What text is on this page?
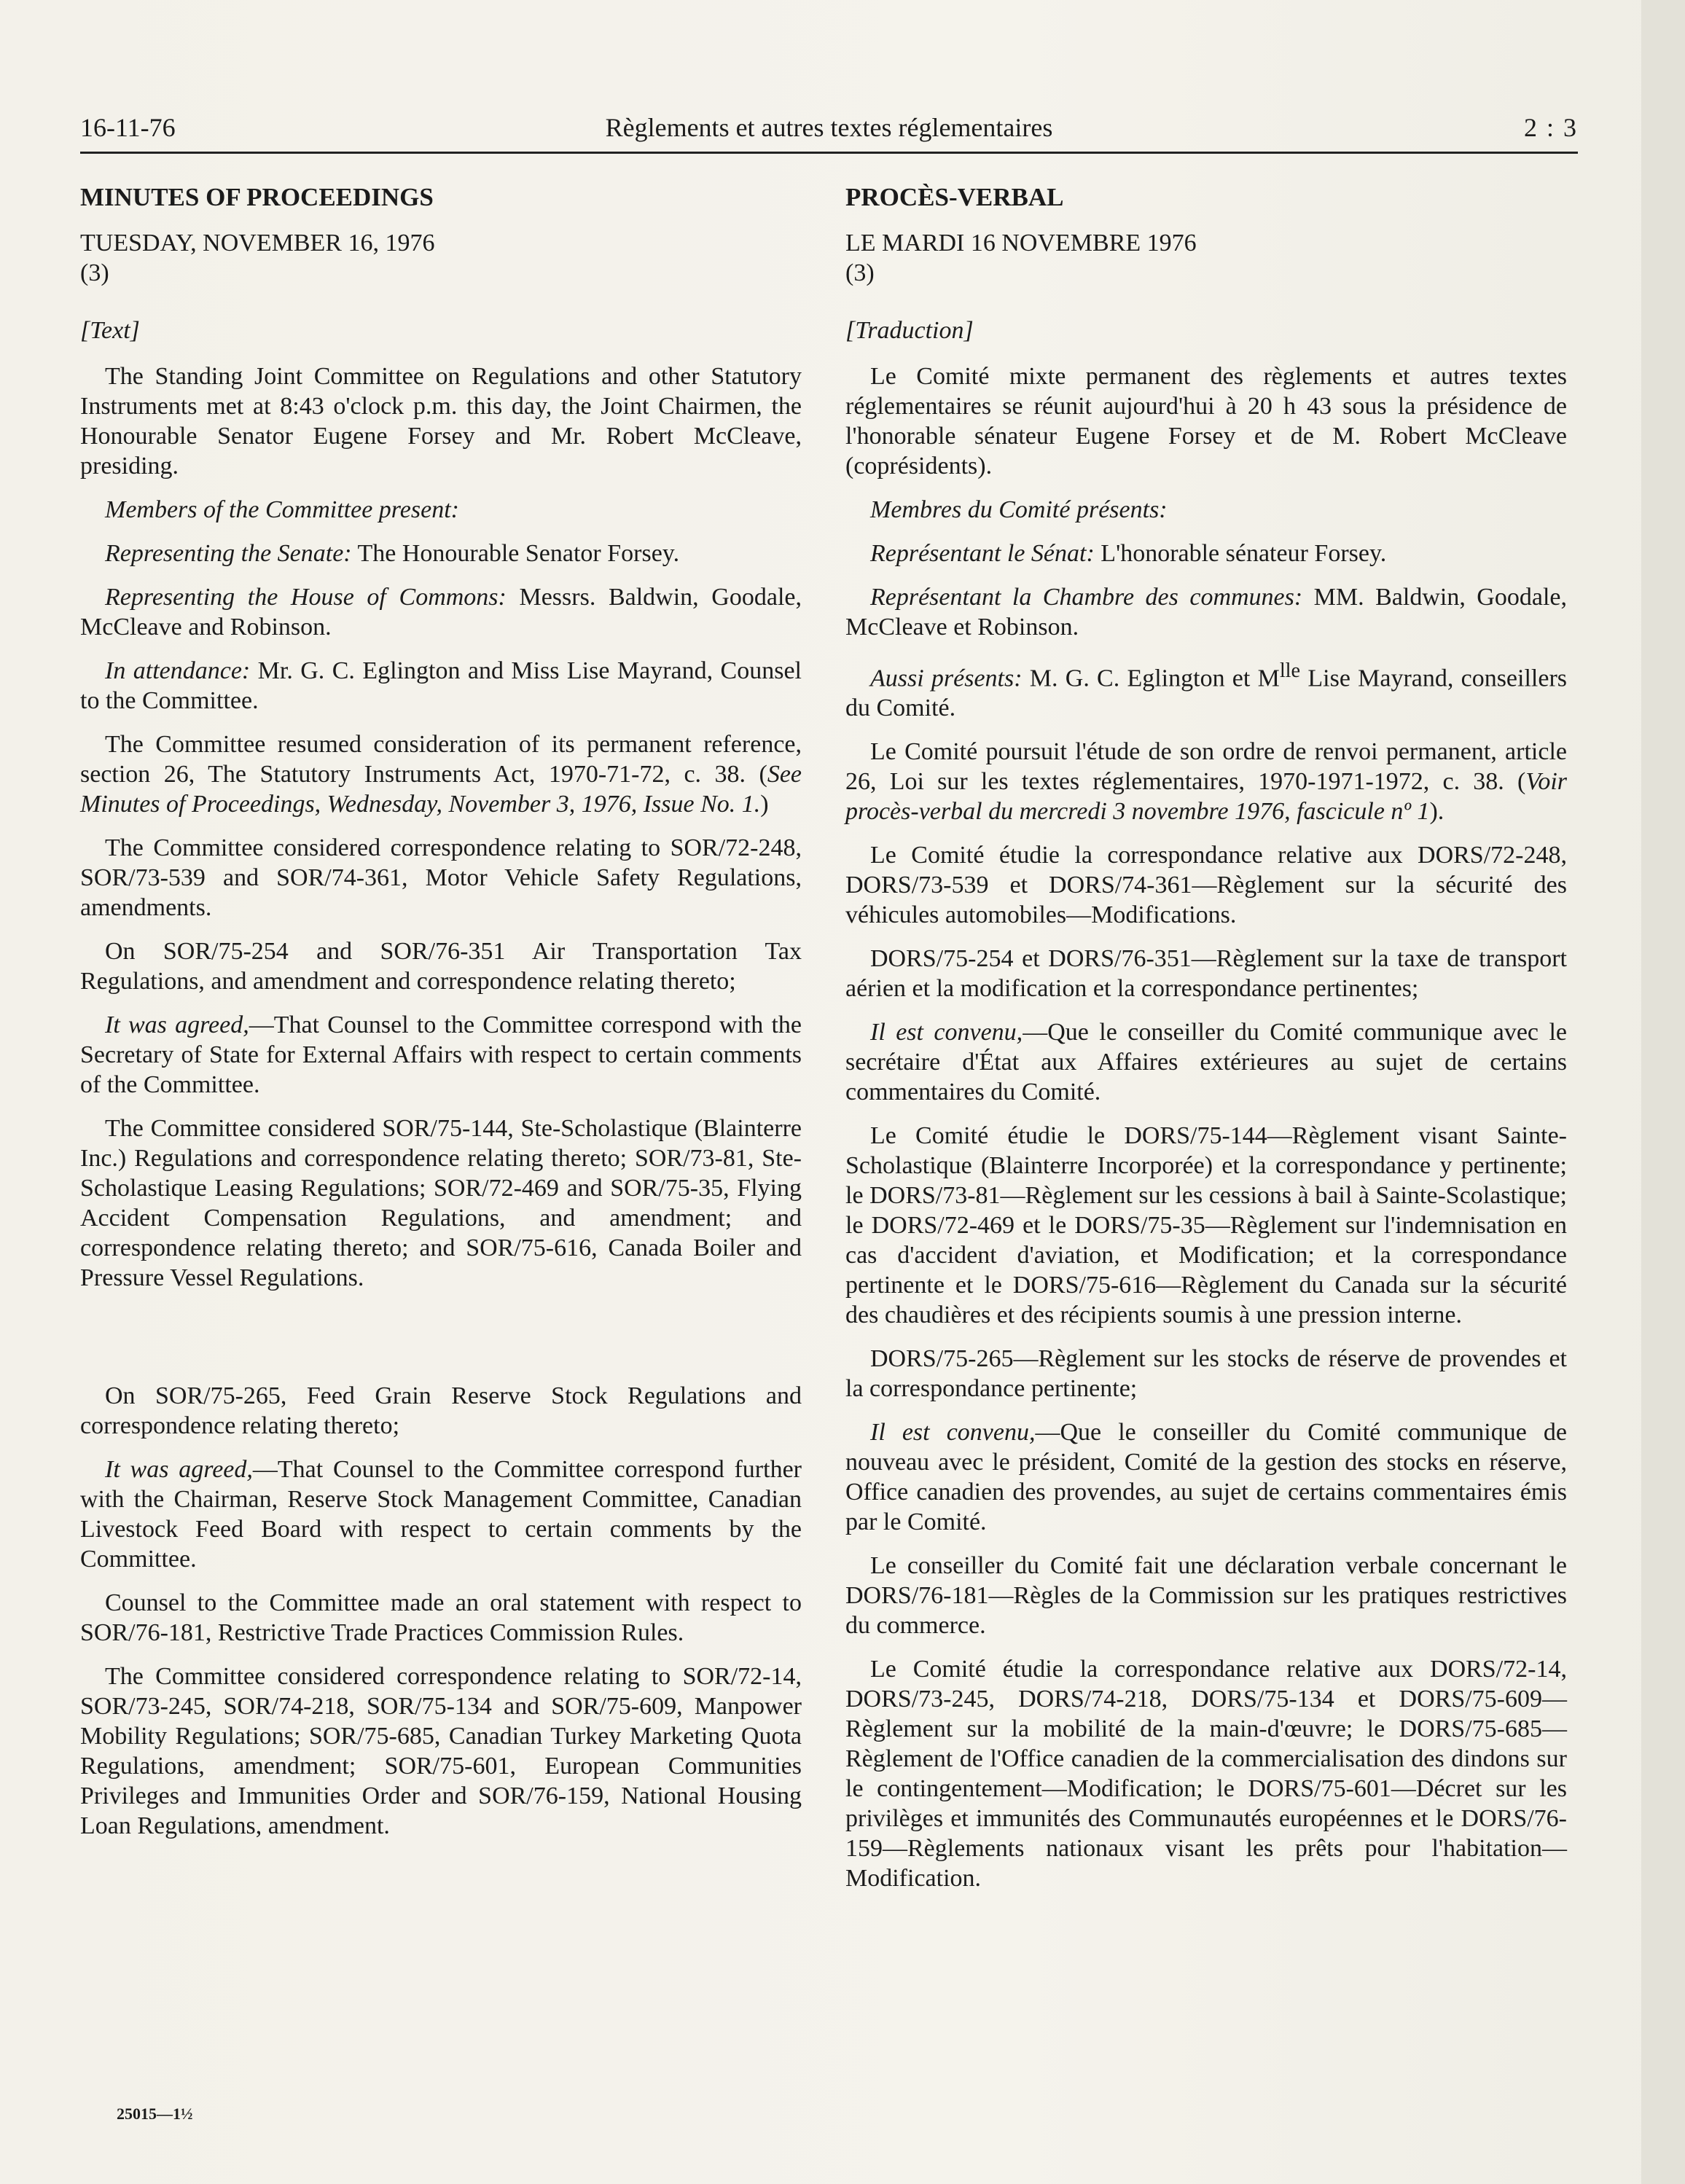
16-11-76	Règlements et autres textes réglementaires	2 : 3
MINUTES OF PROCEEDINGS
TUESDAY, NOVEMBER 16, 1976
(3)
[Text]

The Standing Joint Committee on Regulations and other Statutory Instruments met at 8:43 o'clock p.m. this day, the Joint Chairmen, the Honourable Senator Eugene Forsey and Mr. Robert McCleave, presiding.

Members of the Committee present:

Representing the Senate: The Honourable Senator Forsey.

Representing the House of Commons: Messrs. Baldwin, Goodale, McCleave and Robinson.

In attendance: Mr. G. C. Eglington and Miss Lise Mayrand, Counsel to the Committee.

The Committee resumed consideration of its permanent reference, section 26, The Statutory Instruments Act, 1970-71-72, c. 38. (See Minutes of Proceedings, Wednesday, November 3, 1976, Issue No. 1.)

The Committee considered correspondence relating to SOR/72-248, SOR/73-539 and SOR/74-361, Motor Vehicle Safety Regulations, amendments.

On SOR/75-254 and SOR/76-351 Air Transportation Tax Regulations, and amendment and correspondence relating thereto;

It was agreed,—That Counsel to the Committee correspond with the Secretary of State for External Affairs with respect to certain comments of the Committee.

The Committee considered SOR/75-144, Ste-Scholastique (Blainterre Inc.) Regulations and correspondence relating thereto; SOR/73-81, Ste-Scholastique Leasing Regulations; SOR/72-469 and SOR/75-35, Flying Accident Compensation Regulations, and amendment; and correspondence relating thereto; and SOR/75-616, Canada Boiler and Pressure Vessel Regulations.

On SOR/75-265, Feed Grain Reserve Stock Regulations and correspondence relating thereto;

It was agreed,—That Counsel to the Committee correspond further with the Chairman, Reserve Stock Management Committee, Canadian Livestock Feed Board with respect to certain comments by the Committee.

Counsel to the Committee made an oral statement with respect to SOR/76-181, Restrictive Trade Practices Commission Rules.

The Committee considered correspondence relating to SOR/72-14, SOR/73-245, SOR/74-218, SOR/75-134 and SOR/75-609, Manpower Mobility Regulations; SOR/75-685, Canadian Turkey Marketing Quota Regulations, amendment; SOR/75-601, European Communities Privileges and Immunities Order and SOR/76-159, National Housing Loan Regulations, amendment.

PROCÈS-VERBAL
LE MARDI 16 NOVEMBRE 1976
(3)
[Traduction]

Le Comité mixte permanent des règlements et autres textes réglementaires se réunit aujourd'hui à 20 h 43 sous la présidence de l'honorable sénateur Eugene Forsey et de M. Robert McCleave (coprésidents).

Membres du Comité présents:

Représentant le Sénat: L'honorable sénateur Forsey.

Représentant la Chambre des communes: MM. Baldwin, Goodale, McCleave et Robinson.

Aussi présents: M. G. C. Eglington et $M^{lle}$ Lise Mayrand, conseillers du Comité.

Le Comité poursuit l'étude de son ordre de renvoi permanent, article 26, Loi sur les textes réglementaires, 1970-1971-1972, c. 38. (Voir procès-verbal du mercredi 3 novembre 1976, fascicule nº 1).

Le Comité étudie la correspondance relative aux DORS/72-248, DORS/73-539 et DORS/74-361—Règlement sur la sécurité des véhicules automobiles—Modifications.

DORS/75-254 et DORS/76-351—Règlement sur la taxe de transport aérien et la modification et la correspondance pertinentes;

Il est convenu,—Que le conseiller du Comité communique avec le secrétaire d'État aux Affaires extérieures au sujet de certains commentaires du Comité.

Le Comité étudie le DORS/75-144—Règlement visant Sainte-Scholastique (Blainterre Incorporée) et la correspondance y pertinente; le DORS/73-81—Règlement sur les cessions à bail à Sainte-Scolastique; le DORS/72-469 et le DORS/75-35—Règlement sur l'indemnisation en cas d'accident d'aviation, et Modification; et la correspondance pertinente et le DORS/75-616—Règlement du Canada sur la sécurité des chaudières et des récipients soumis à une pression interne.

DORS/75-265—Règlement sur les stocks de réserve de provendes et la correspondance pertinente;

Il est convenu,—Que le conseiller du Comité communique de nouveau avec le président, Comité de la gestion des stocks en réserve, Office canadien des provendes, au sujet de certains commentaires émis par le Comité.

Le conseiller du Comité fait une déclaration verbale concernant le DORS/76-181—Règles de la Commission sur les pratiques restrictives du commerce.

Le Comité étudie la correspondance relative aux DORS/72-14, DORS/73-245, DORS/74-218, DORS/75-134 et DORS/75-609—Règlement sur la mobilité de la main-d'œuvre; le DORS/75-685—Règlement de l'Office canadien de la commercialisation des dindons sur le contingentement—Modification; le DORS/75-601—Décret sur les privilèges et immunités des Communautés européennes et le DORS/76-159—Règlements nationaux visant les prêts pour l'habitation—Modification.

25015—1½
